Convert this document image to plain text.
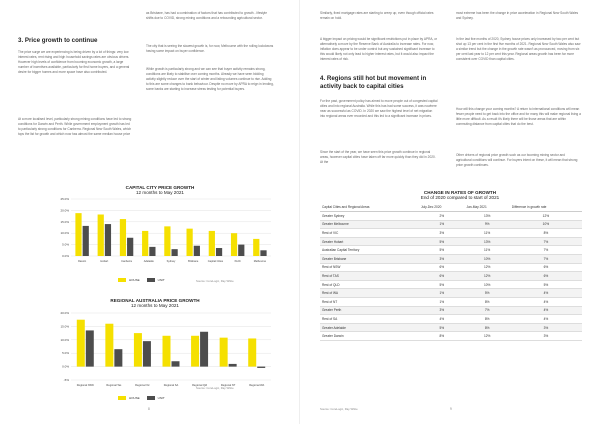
3. Price growth to continue

The price surge we are experiencing is being driven by a lot of things: very low interest rates, rent rising and high household savings rates are obvious drivers. However high levels of confidence from booming economic growth, a large number of incentives available, particularly for first home buyers, and a general desire for bigger homes and more space have also contributed.

At a more localised level, particularly strong mining conditions have led to strong conditions for Darwin and Perth. While government employment growth has led to particularly strong conditions for Canberra. Regional New South Wales, which tops the list for growth and which now has almost the same median house price

as Brisbane, has had a combination of factors that has contributed to growth - lifestyle shifts due to COVID, strong mining conditions and a rebounding agricultural sector.

The city that is seeing the slowest growth is, for now, Melbourne with the rolling lockdowns having some impact on buyer confidence.

While growth is particularly strong and we can see that buyer activity remains strong, conditions are likely to stabilise over coming months. Already we have seen bidding activity slightly reduce over the start of winter and listing volumes continue to rise. Adding to this are some changes to bank behaviour. Despite no move by APRA to reign in lending, some banks are starting to increase stress testing for potential buyers.

CAPITAL CITY PRICE GROWTH
12 months to May 2021
0.0%
5.0%
10.0%
15.0%
20.0%
25.0%
Darwin	Hobart	Canberra	Adelaide	Sydney	Brisbane	Capital Cities	Perth	Melbourne
HOUSE	UNIT	Source: CoreLogic, Ray White
REGIONAL AUSTRALIA PRICE GROWTH
12 months to May 2021
-5%
0.0%
5.0%
10.0%
15.0%
20.0%
Regional NSW	Regional Tas	Regional Vic	Regional SA	Regional Qld	Regional NT	Regional WA
HOUSE	UNIT
Source: CoreLogic, Ray White
8

Similarly, fixed mortgage rates are starting to creep up, even though official rates remain on hold.

A bigger impact on pricing would be significant restrictions put in place by APRA, or alternatively a move by the Reserve Bank of Australia to increase rates. For now, inflation does appear to be under control but any sustained significant increase to this would likely not only lead to higher interest rates, but it would also impact the interest rates of risk.

4. Regions still hot but movement in activity back to capital cities

For the past, government policy has aimed to move people out of congested capital cities and into regional Australia. While this has had some success, it was nowhere near as successful as COVID. In 2020 we saw the highest level of net migration into regional areas ever recorded and this led to a significant increase in prices.

Since the start of the year, we have seen this price growth continue in regional areas, however capital cities have taken off far more quickly than they did in 2020. At the

most extreme has been the change in price acceleration in Regional New South Wales and Sydney.

In the last five months of 2020, Sydney house prices only increased by two per cent but shot up 13 per cent in the first five months of 2021. Regional New South Wales also saw a similar trend but the change in the growth rate wasn't as pronounced, moving from six per cent last year to 12 per cent this year. Regional areas growth has been far more consistent over COVID than capital cities.

How will this change your coming months? A return to international conditions will mean fewer people need to get back into the office and for many this will make regional living a little more difficult. As a result it's likely there will be those areas that are within commuting distance from capital cities that do the best.

Other drivers of regional price growth such as our booming mining sector and agricultural conditions will continue. For buyers intent on these, it will mean that strong price growth continues.

CHANGE IN RATES OF GROWTH
End of 2020 compared to start of 2021
Capital Cities and Regional Areas	July-Dec 2020	Jan-May 2021	Difference in growth rate
Greater Sydney	2%	13%	12%
Greater Melbourne	1%	9%	10%
Rest of VIC	3%	11%	8%
Greater Hobart	5%	13%	7%
Australian Capital Territory	5%	11%	7%
Greater Brisbane	3%	10%	7%
Rest of NSW	6%	12%	6%
Rest of TAS	6%	12%	6%
Rest of QLD	5%	10%	5%
Rest of WA	1%	5%	4%
Rest of NT	1%	8%	4%
Greater Perth	3%	7%	4%
Rest of SA	4%	8%	4%
Greater Adelaide	5%	8%	3%
Greater Darwin	8%	12%	3%
Source: CoreLogic, Ray White	9
